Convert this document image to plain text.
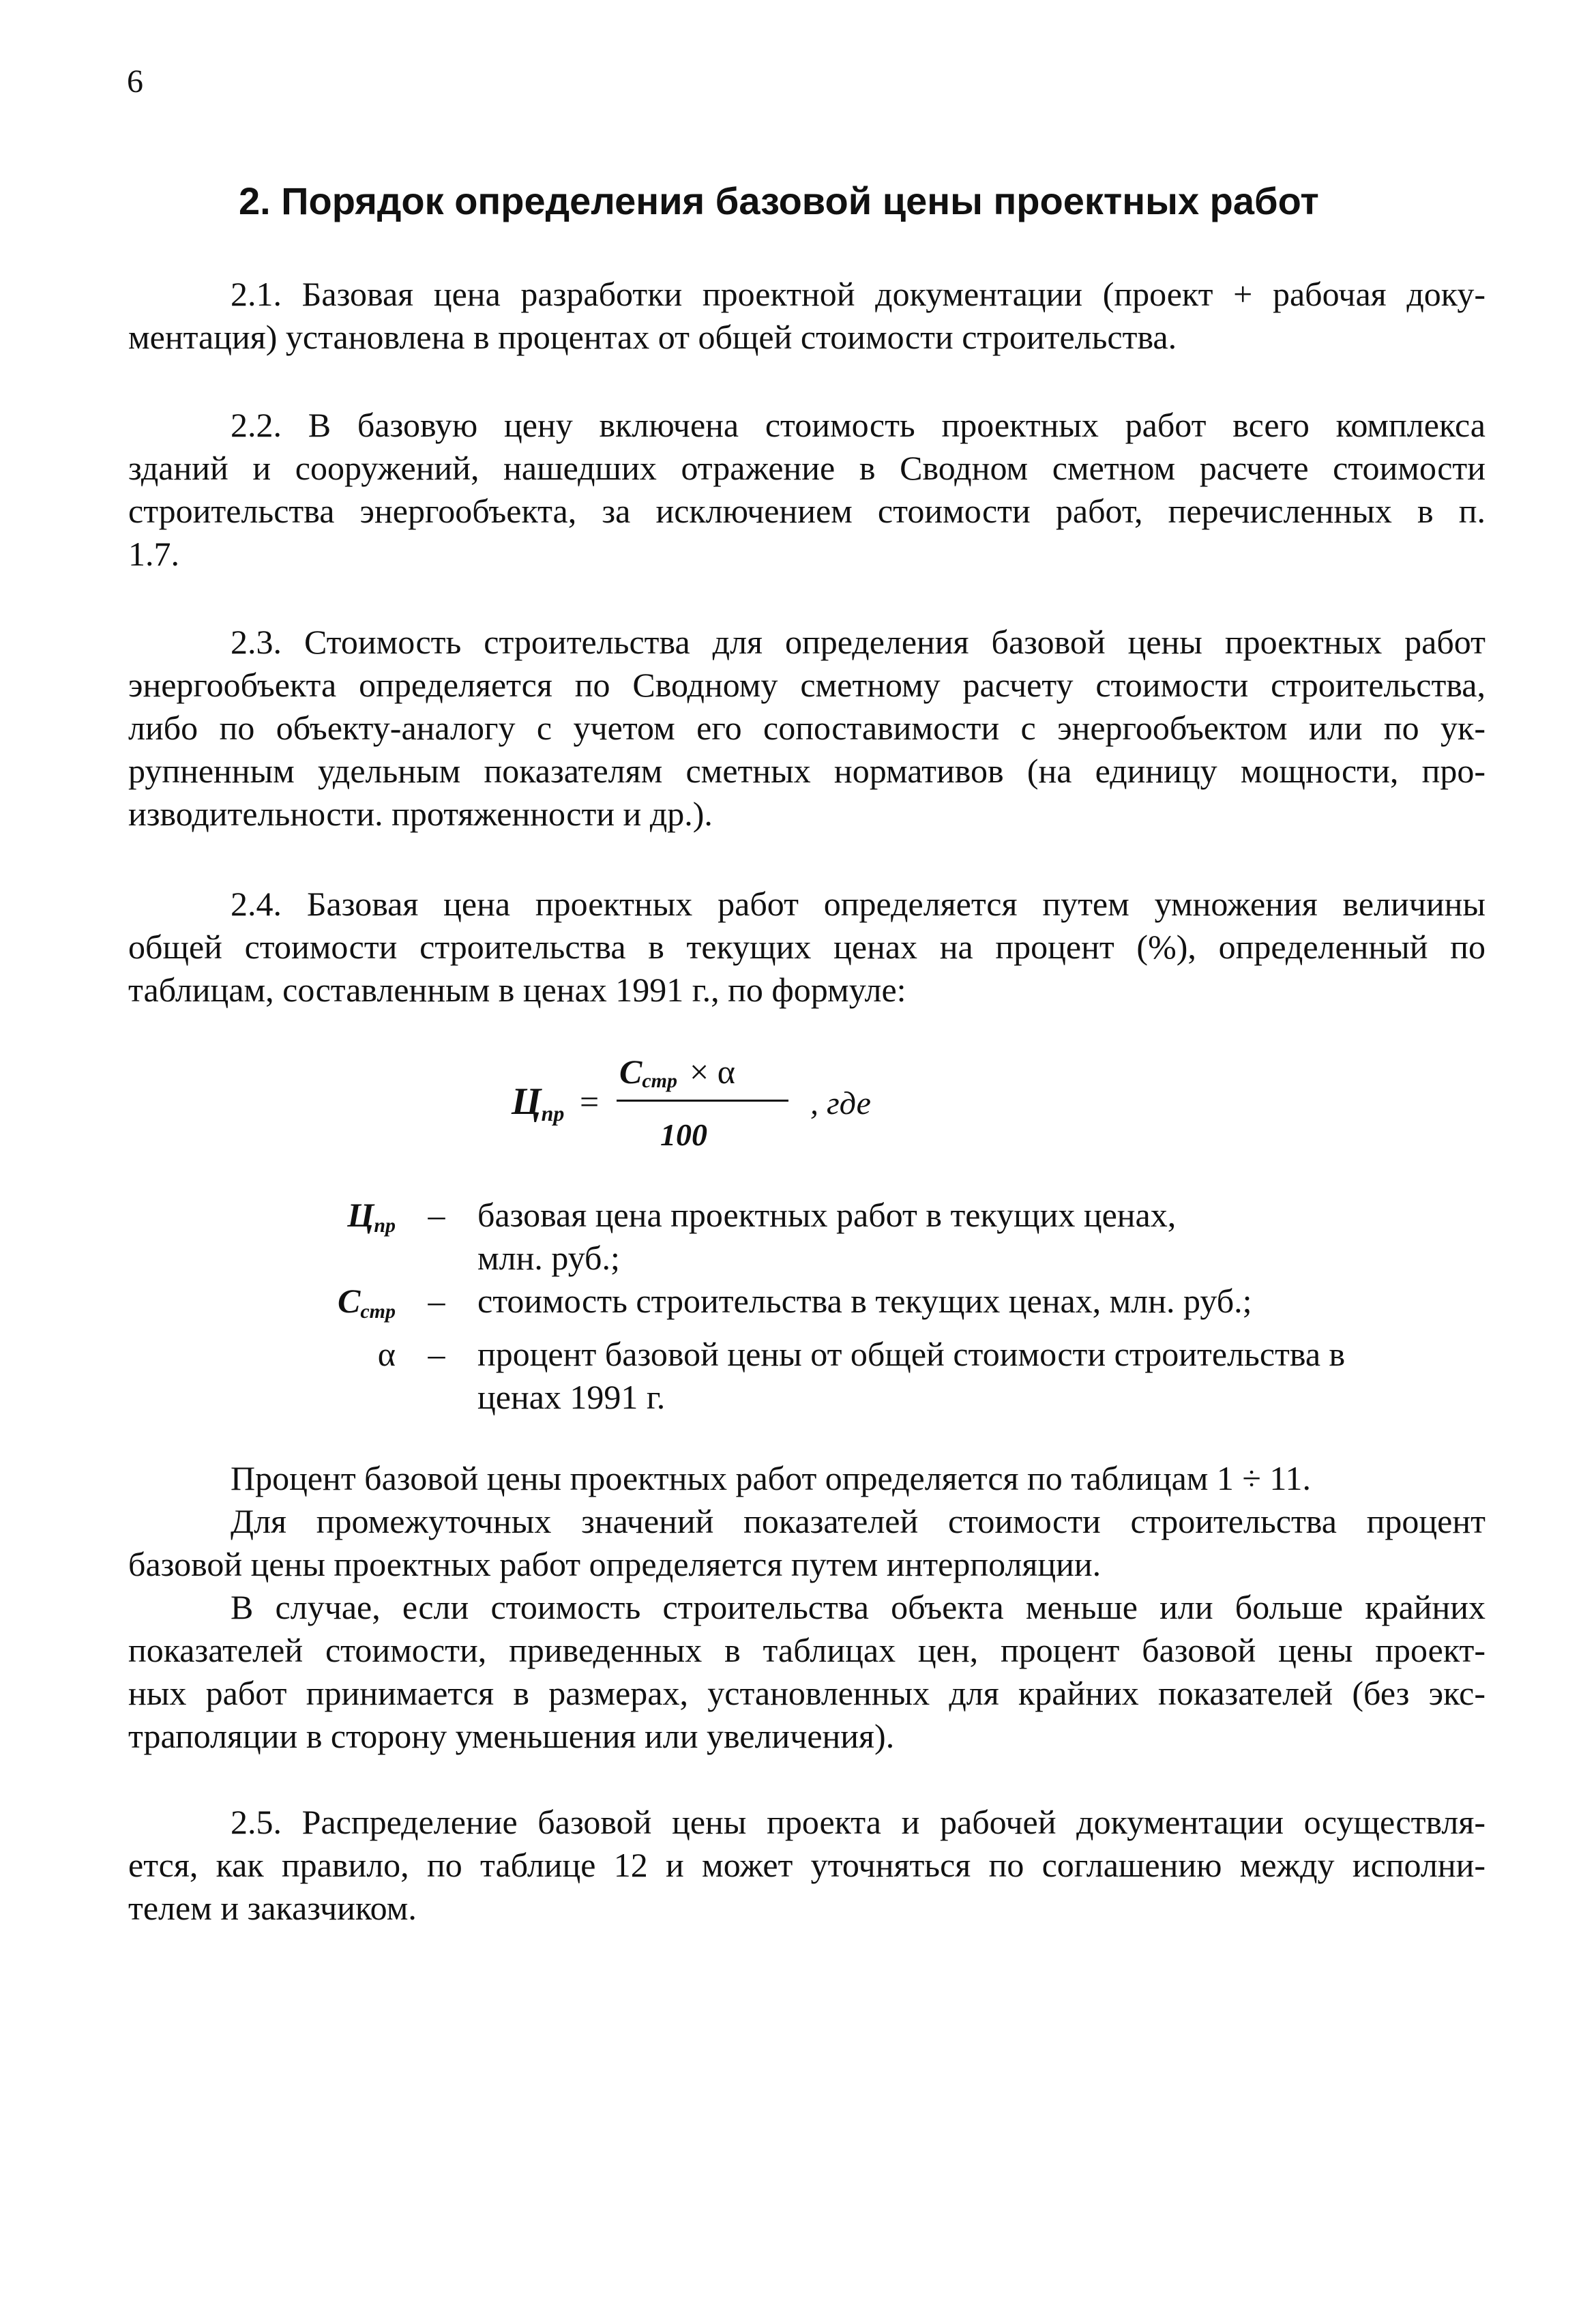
6
2. Порядок определения базовой цены проектных работ
2.1. Базовая цена разработки проектной документации (проект + рабочая доку-
ментация) установлена в процентах от общей стоимости строительства.
2.2. В базовую цену включена стоимость проектных работ всего комплекса
зданий и сооружений, нашедших отражение в Сводном сметном расчете стоимости
строительства энергообъекта, за исключением стоимости работ, перечисленных в п.
1.7.
2.3. Стоимость строительства для определения базовой цены проектных работ
энергообъекта определяется по Сводному сметному расчету стоимости строительства,
либо по объекту-аналогу с учетом его сопоставимости с энергообъектом или по ук-
рупненным удельным показателям сметных нормативов (на единицу мощности, про-
изводительности. протяженности и др.).
2.4. Базовая цена проектных работ определяется путем умножения величины
общей стоимости строительства в текущих ценах на процент (%), определенный по
таблицам, составленным в ценах 1991 г., по формуле:
$Ц_{пр}$ =
$С_{стр} \times \alpha$
100
, где
$Ц_{пр}$ – базовая цена проектных работ в текущих ценах,
млн. руб.;
$С_{стр}$ – стоимость строительства в текущих ценах, млн. руб.;
α – процент базовой цены от общей стоимости строительства в
ценах 1991 г.
Процент базовой цены проектных работ определяется по таблицам 1 ÷ 11.
Для промежуточных значений показателей стоимости строительства процент
базовой цены проектных работ определяется путем интерполяции.
В случае, если стоимость строительства объекта меньше или больше крайних
показателей стоимости, приведенных в таблицах цен, процент базовой цены проект-
ных работ принимается в размерах, установленных для крайних показателей (без экс-
траполяции в сторону уменьшения или увеличения).
2.5. Распределение базовой цены проекта и рабочей документации осуществля-
ется, как правило, по таблице 12 и может уточняться по соглашению между исполни-
телем и заказчиком.
